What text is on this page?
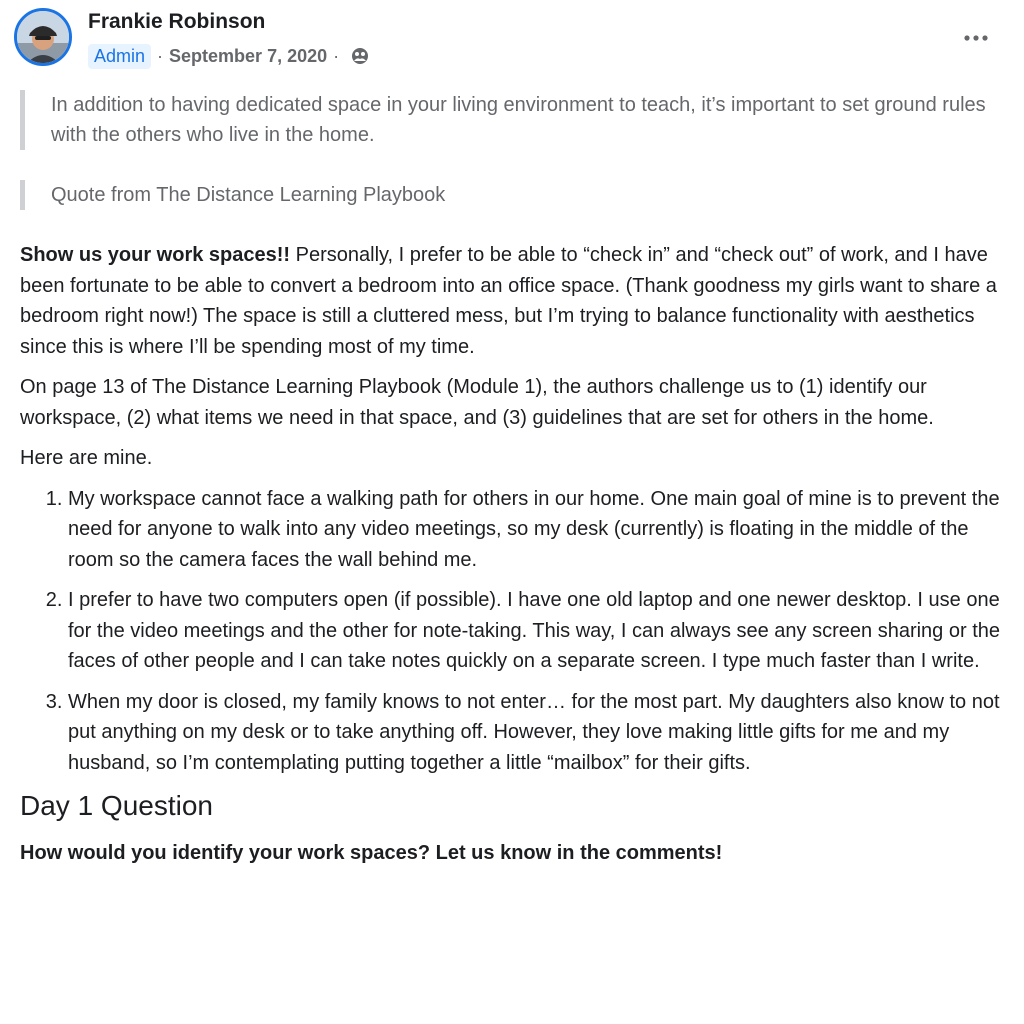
Frankie Robinson
Admin · September 7, 2020 ·
In addition to having dedicated space in your living environment to teach, it’s important to set ground rules with the others who live in the home.
Quote from The Distance Learning Playbook

Show us your work spaces!! Personally, I prefer to be able to “check in” and “check out” of work, and I have been fortunate to be able to convert a bedroom into an office space. (Thank goodness my girls want to share a bedroom right now!) The space is still a cluttered mess, but I’m trying to balance functionality with aesthetics since this is where I’ll be spending most of my time.

On page 13 of The Distance Learning Playbook (Module 1), the authors challenge us to (1) identify our workspace, (2) what items we need in that space, and (3) guidelines that are set for others in the home.

Here are mine.

1. My workspace cannot face a walking path for others in our home. One main goal of mine is to prevent the need for anyone to walk into any video meetings, so my desk (currently) is floating in the middle of the room so the camera faces the wall behind me.
2. I prefer to have two computers open (if possible). I have one old laptop and one newer desktop. I use one for the video meetings and the other for note-taking. This way, I can always see any screen sharing or the faces of other people and I can take notes quickly on a separate screen. I type much faster than I write.
3. When my door is closed, my family knows to not enter… for the most part. My daughters also know to not put anything on my desk or to take anything off. However, they love making little gifts for me and my husband, so I’m contemplating putting together a little “mailbox” for their gifts.
Day 1 Question

How would you identify your work spaces? Let us know in the comments!
